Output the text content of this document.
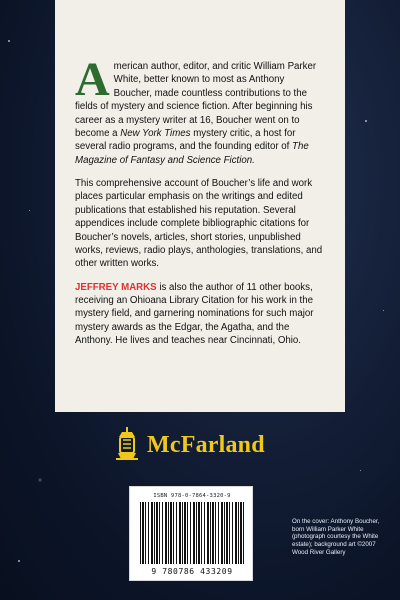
A merican author, editor, and critic William Parker White, better known to most as Anthony Boucher, made countless contributions to the fields of mystery and science fiction. After beginning his career as a mystery writer at 16, Boucher went on to become a New York Times mystery critic, a host for several radio programs, and the founding editor of The Magazine of Fantasy and Science Fiction.

This comprehensive account of Boucher’s life and work places particular emphasis on the writings and edited publications that established his reputation. Several appendices include complete bibliographic citations for Boucher’s novels, articles, short stories, unpublished works, reviews, radio plays, anthologies, translations, and other written works.

JEFFREY MARKS is also the author of 11 other books, receiving an Ohioana Library Citation for his work in the mystery field, and garnering nominations for such major mystery awards as the Edgar, the Agatha, and the Anthony. He lives and teaches near Cincinnati, Ohio.

McFarland
ISBN 978-0-7864-3320-9
9 780786 433209
On the cover: Anthony Boucher, born William Parker White (photograph courtesy the White estate); background art ©2007 Wood River Gallery
